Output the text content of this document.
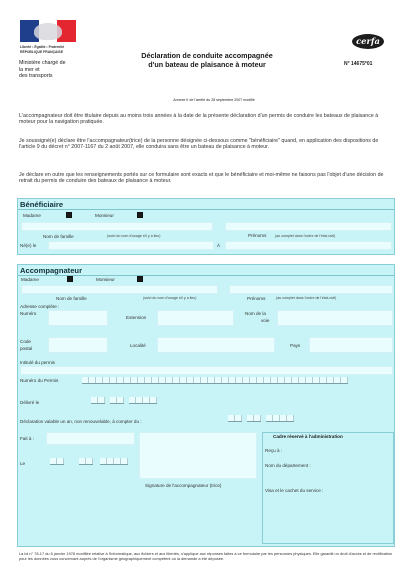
Liberté • Égalité • Fraternité
RÉPUBLIQUE FRANÇAISE
Ministère chargé de
la mer et
des transports
Déclaration de conduite accompagnée
d'un bateau de plaisance à moteur
cerfa
N° 14675*01
Annexe II de l'arrêté du 28 septembre 2007 modifié
L'accompagnateur doit être titulaire depuis au moins trois années à la date de la présente déclaration d'un permis de conduire les bateaux de plaisance à moteur pour la navigation pratiquée.
Je soussigné(e) déclare être l'accompagnateur(trice) de la personne désignée ci-dessous comme "bénéficiaire" quand, en application des dispositions de l'article 9 du décret n° 2007-1167 du 2 août 2007, elle conduira sans être un bateau de plaisance à moteur.
Je déclare en outre que les renseignements portés sur ce formulaire sont exacts et que le bénéficiaire et moi-même ne faisons pas l'objet d'une décision de retrait du permis de conduire des bateaux de plaisance à moteur.
Bénéficiaire
Madame	Monsieur
Nom de famille	(suivi du nom d'usage s'il y a lieu)	Prénoms (au complet dans l'ordre de l'état-civil)
Né(e) le	À
Accompagnateur
Madame	Monsieur
Nom de famille	(suivi du nom d'usage s'il y a lieu)	Prénoms	(au complet dans l'ordre de l'état-civil)
Adresse complète :
Numéro
Extension
Nom de la
voie
Code
postal
Localité	Pays
Intitulé du permis
Numéro du Permis
Délivré le
Déclaration valable un an, non renouvelable, à compter du :
Fait à :
Le
Signature de l'accompagnateur (trice)
Cadre réservé à l'administration
Reçu à :
Nom du département :
Visa et le cachet du service :
La loi n° 78-17 du 6 janvier 1978 modifiée relative à l'informatique, aux fichiers et aux libertés, s'applique aux réponses faites à ce formulaire par les personnes physiques. Elle garantit un droit d'accès et de rectification pour les données vous concernant auprès de l'organisme géographiquement compétent où la demande a été déposée.
